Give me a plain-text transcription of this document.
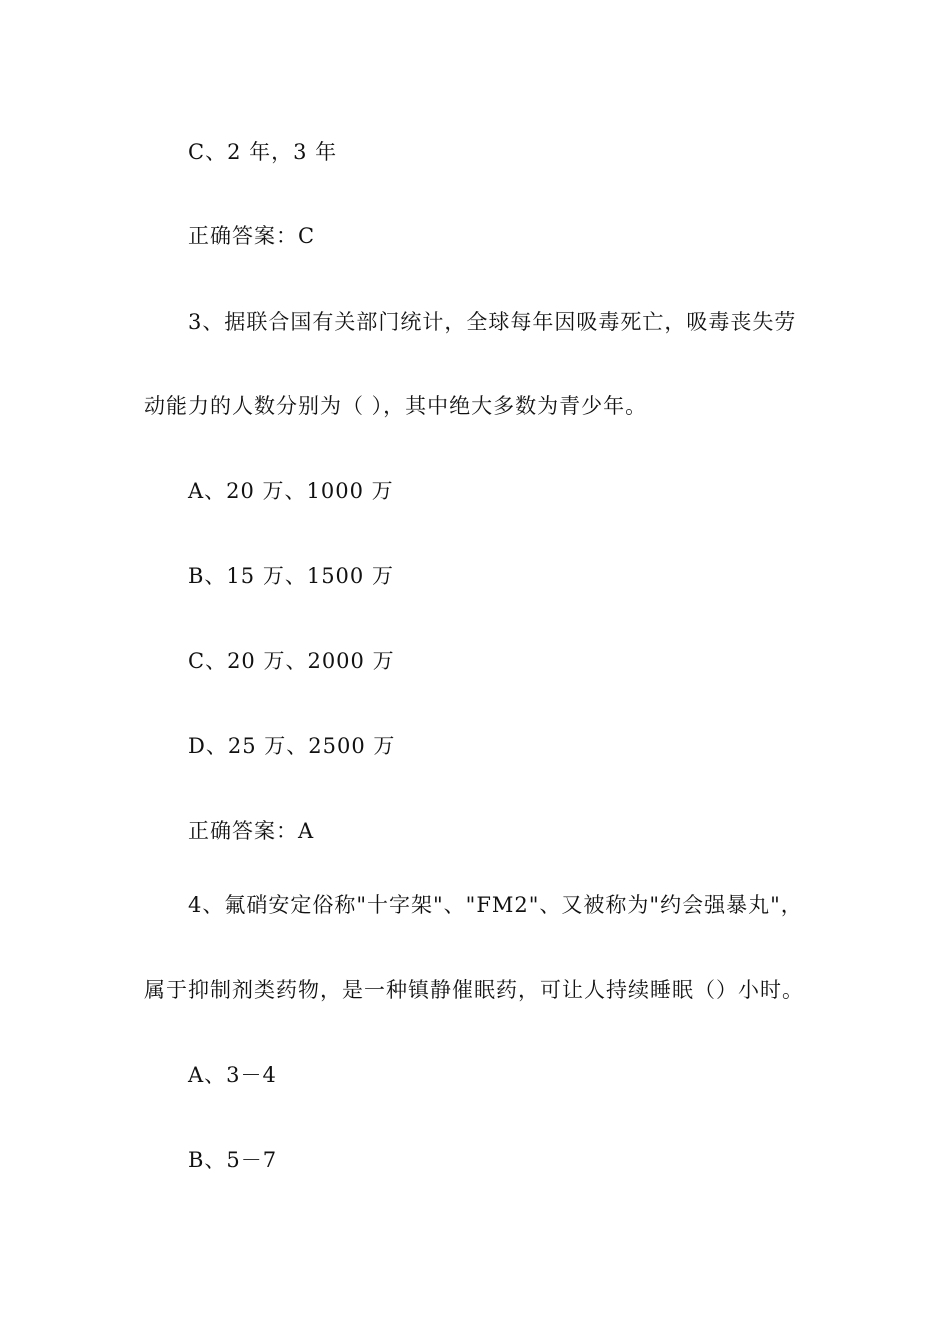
C、2 年，3 年
正确答案：C
3、据联合国有关部门统计，全球每年因吸毒死亡，吸毒丧失劳
动能力的人数分别为（ ），其中绝大多数为青少年。
A、20 万、1000 万
B、15 万、1500 万
C、20 万、2000 万
D、25 万、2500 万
正确答案：A
4、氟硝安定俗称"十字架"、"FM2"、又被称为"约会强暴丸"，
属于抑制剂类药物，是一种镇静催眠药，可让人持续睡眠（）小时。
A、3－4
B、5－7
